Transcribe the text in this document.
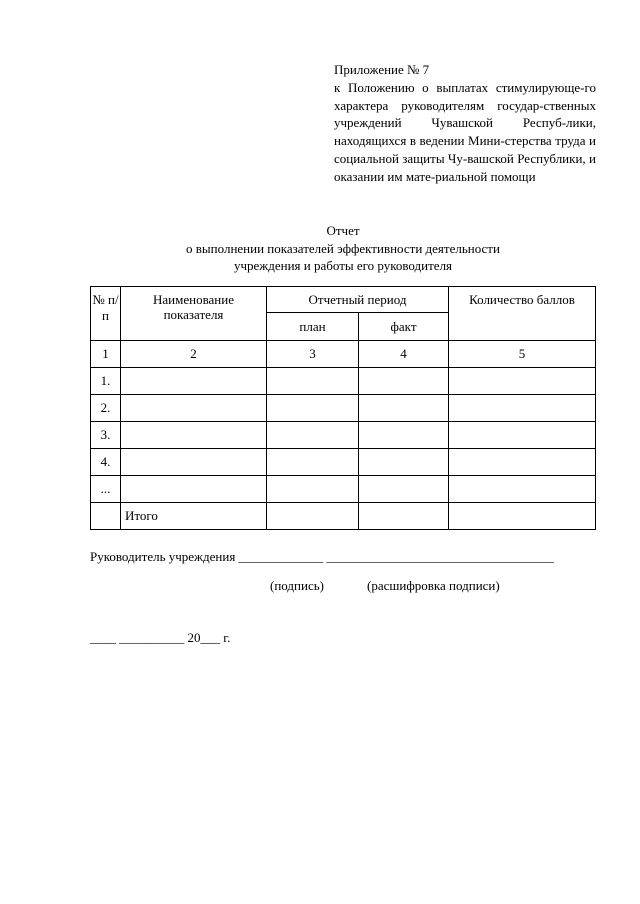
Приложение № 7
к Положению о выплатах стимулирующе-го характера руководителям государ-ственных учреждений Чувашской Респуб-лики, находящихся в ведении Мини-стерства труда и социальной защиты Чу-вашской Республики, и оказании им мате-риальной помощи
Отчет
о выполнении показателей эффективности деятельности
учреждения и работы его руководителя
№ п/п	Наименование показателя	Отчетный период		Количество баллов
		план	факт	
1	2	3	4	5
1.				
2.				
3.				
4.				
...				
	Итого			
Руководитель учреждения _____________ ___________________________________
(подпись)	(расшифровка подписи)
____ __________ 20___ г.
